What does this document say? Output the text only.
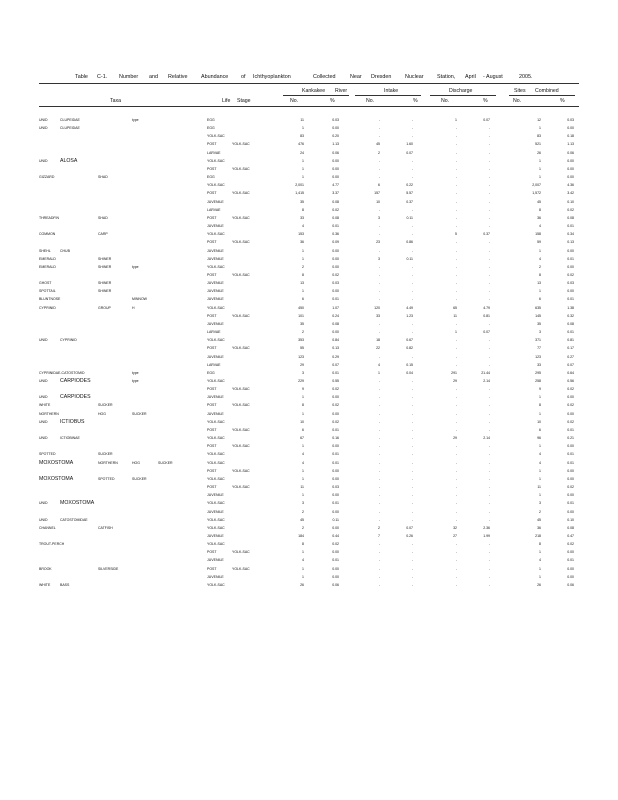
Table C-1. Number and Relative	Abundance of Ichthyoplankton	Collected	Near Dresden	Nuclear Station, April - August	2005.
Kankakee River	Intake	Discharge	Sites Combined
Taxa	Life Stage	No.	%	No.	%	No.	%	No.	%
UNID	CLUPEIDAE	type	EGG	11	0.03	-	-	1	0.07	12	0.03
UNID	CLUPEIDAE	EGG	1	0.00	-	-	-	-	1	0.00
YOLK-SAC	83	0.20	-	-	-	-	83	0.18
POST	YOLK-SAC	476	1.13	45	1.60	-	-	521	1.13
LARVAE	24	0.06	2	0.07	-	-	26	0.06
UNID ALOSA	YOLK-SAC	1	0.00	-	-	-	-	1	0.00
POST	YOLK-SAC	1	0.00	-	-	-	-	1	0.00
GIZZARD	SHAD	EGG	1	0.00	-	-	-	-	1	0.00
YOLK-SAC	2,001	4.77	6	0.22	-	-	2,007	4.36
POST	YOLK-SAC	1,415	3.37	157	5.57	-	-	1,572	3.42
JUVENILE	35	0.08	10	0.37	-	-	45	0.10
LARVAE	8	0.02	-	-	-	-	8	0.02
THREADFIN	SHAD	POST	YOLK-SAC	33	0.08	3	0.11	-	-	36	0.08
JUVENILE	4	0.01	-	-	-	-	4	0.01
COMMON	CARP	YOLK-SAC	153	0.36	-	-	5	0.37	158	0.34
POST	YOLK-SAC	36	0.09	23	0.86	-	-	59	0.13
SHEHL	CHUB	JUVENILE	1	0.00	-	-	-	-	1	0.00
EMERALD	SHINER	JUVENILE	1	0.00	3	0.11	-	-	4	0.01
EMERALD	SHINER	type	YOLK-SAC	2	0.00	-	-	-	-	2	0.00
POST	YOLK-SAC	8	0.02	-	-	-	-	8	0.02
GHOST	SHINER	JUVENILE	13	0.03	-	-	-	-	13	0.03
SPOTTAIL	SHINER	JUVENILE	1	0.00	-	-	-	-	1	0.00
BLUNTNOSE	MINNOW	JUVENILE	6	0.01	-	-	-	-	6	0.01
CYPRINID	GROUP	H	YOLK-SAC	450	1.07	120	4.49	65	4.79	635	1.38
POST	YOLK-SAC	101	0.24	33	1.23	11	0.81	145	0.32
JUVENILE	35	0.08	-	-	-	-	35	0.08
LARVAE	2	0.00	-	-	1	0.07	3	0.01
UNID	CYPRINID	YOLK-SAC	353	0.84	18	0.67	-	-	371	0.81
POST	YOLK-SAC	55	0.13	22	0.82	-	-	77	0.17
JUVENILE	123	0.29	-	-	-	-	123	0.27
LARVAE	29	0.07	4	0.15	-	-	33	0.07
CYPRINIDAE-CATOSTOMID	type	EGG	3	0.01	1	0.04	291	21.44	295	0.64
UNID CARPIODES	type	YOLK-SAC	229	0.55	-	-	29	2.14	258	0.56
POST	YOLK-SAC	9	0.02	-	-	-	-	9	0.02
UNID CARPIODES	JUVENILE	1	0.00	-	-	-	-	1	0.00
WHITE	SUCKER	POST	YOLK-SAC	8	0.02	-	-	-	-	8	0.02
NORTHERN	HOG	SUCKER	JUVENILE	1	0.00	-	-	-	-	1	0.00
UNID ICTIOBUS	YOLK-SAC	10	0.02	-	-	-	-	10	0.02
POST	YOLK-SAC	6	0.01	-	-	-	-	6	0.01
UNID	ICTIOBINAE	YOLK-SAC	67	0.16	-	-	29	2.14	96	0.21
POST	YOLK-SAC	1	0.00	-	-	-	-	1	0.00
SPOTTED	SUCKER	YOLK-SAC	4	0.01	-	-	-	-	4	0.01
MOXOSTOMA	NORTHERN	HOG	SUCKER	YOLK-SAC	4	0.01	-	-	-	-	4	0.01
POST	YOLK-SAC	1	0.00	-	-	-	-	1	0.00
MOXOSTOMA	SPOTTED	SUCKER	YOLK-SAC	1	0.00	-	-	-	-	1	0.00
POST	YOLK-SAC	11	0.03	-	-	-	-	11	0.02
JUVENILE	1	0.00	-	-	-	-	1	0.00
UNID MOXOSTOMA	YOLK-SAC	3	0.01	-	-	-	-	3	0.01
JUVENILE	2	0.00	-	-	-	-	2	0.00
UNID	CATOSTOMIDAE	YOLK-SAC	45	0.11	-	-	-	-	45	0.10
CHANNEL	CATFISH	YOLK-SAC	2	0.00	2	0.07	32	2.36	36	0.08
JUVENILE	184	0.44	7	0.26	27	1.99	218	0.47
TROUT-PERCH	YOLK-SAC	8	0.02	-	-	-	-	8	0.02
POST	YOLK-SAC	1	0.00	-	-	-	-	1	0.00
JUVENILE	4	0.01	-	-	-	-	4	0.01
BROOK	SILVERSIDE	POST	YOLK-SAC	1	0.00	-	-	-	-	1	0.00
JUVENILE	1	0.00	-	-	-	-	1	0.00
WHITE	BASS	YOLK-SAC	26	0.06	-	-	-	-	26	0.06
